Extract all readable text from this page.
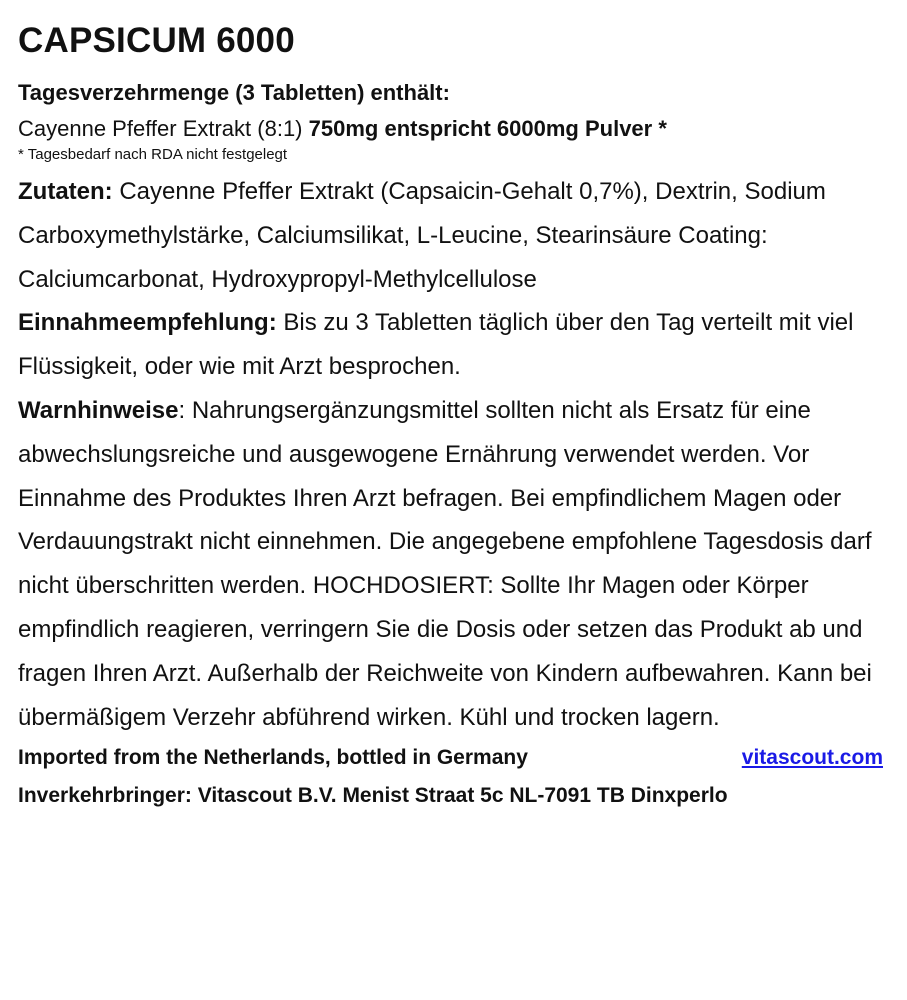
CAPSICUM 6000
Tagesverzehrmenge (3 Tabletten) enthält:
Cayenne Pfeffer Extrakt (8:1) 750mg entspricht 6000mg Pulver *
* Tagesbedarf nach RDA nicht festgelegt

Zutaten: Cayenne Pfeffer Extrakt (Capsaicin-Gehalt 0,7%), Dextrin, Sodium Carboxymethylstärke, Calciumsilikat, L-Leucine, Stearinsäure Coating: Calciumcarbonat, Hydroxypropyl-Methylcellulose

Einnahmeempfehlung: Bis zu 3 Tabletten täglich über den Tag verteilt mit viel Flüssigkeit, oder wie mit Arzt besprochen.

Warnhinweise: Nahrungsergänzungsmittel sollten nicht als Ersatz für eine abwechslungsreiche und ausgewogene Ernährung verwendet werden. Vor Einnahme des Produktes Ihren Arzt befragen. Bei empfindlichem Magen oder Verdauungstrakt nicht einnehmen. Die angegebene empfohlene Tagesdosis darf nicht überschritten werden. HOCHDOSIERT: Sollte Ihr Magen oder Körper empfindlich reagieren, verringern Sie die Dosis oder setzen das Produkt ab und fragen Ihren Arzt. Außerhalb der Reichweite von Kindern aufbewahren. Kann bei übermäßigem Verzehr abführend wirken. Kühl und trocken lagern.

Imported from the Netherlands, bottled in Germany	vitascout.com
Inverkehrbringer: Vitascout B.V. Menist Straat 5c NL-7091 TB Dinxperlo
